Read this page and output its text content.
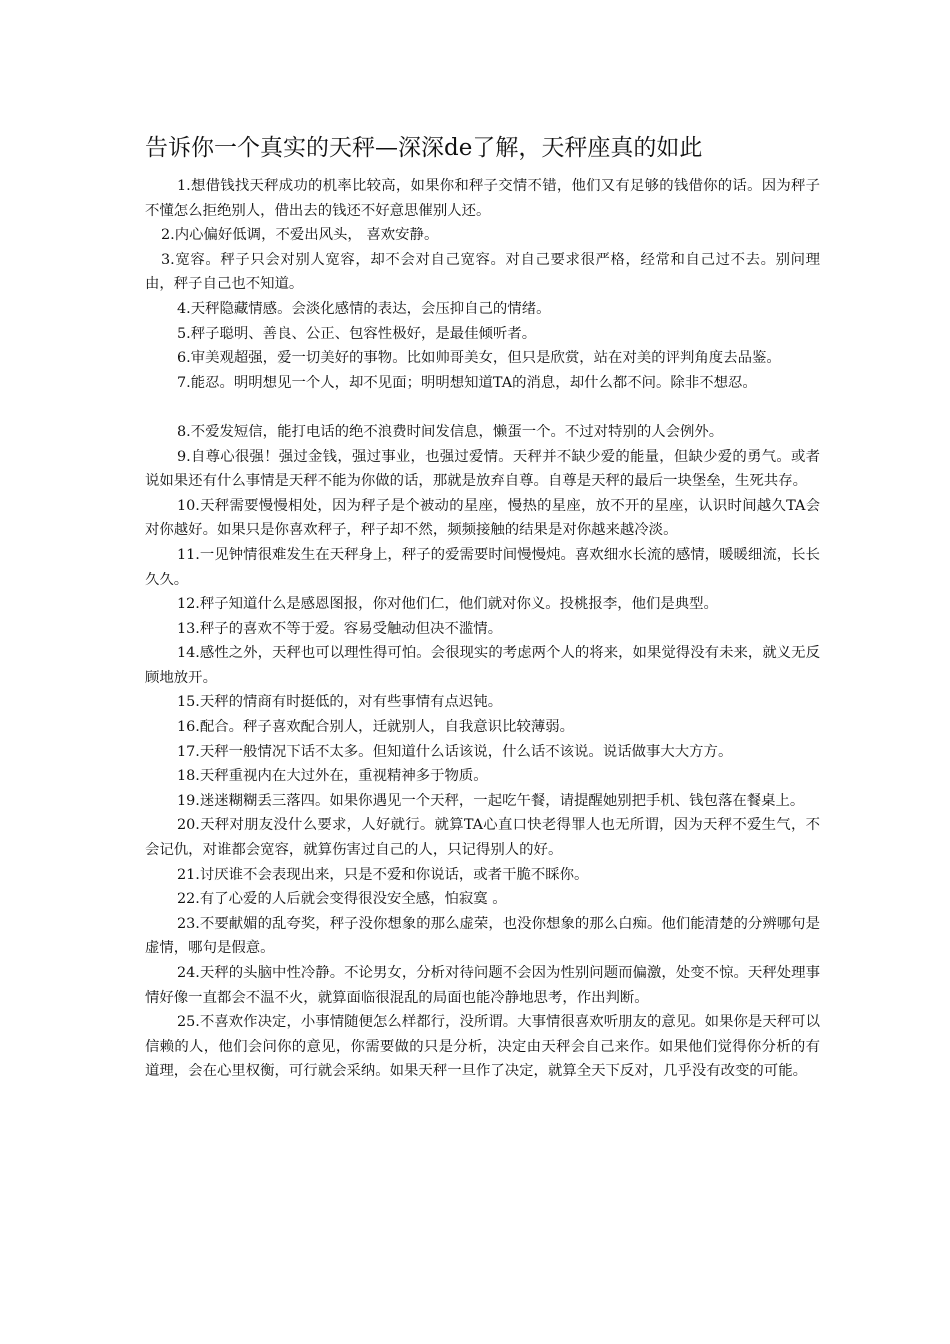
告诉你一个真实的天秤—深深de了解，天秤座真的如此

1.想借钱找天秤成功的机率比较高，如果你和秤子交情不错，他们又有足够的钱借你的话。因为秤子不懂怎么拒绝别人，借出去的钱还不好意思催别人还。

2.内心偏好低调，不爱出风头， 喜欢安静。

3.宽容。秤子只会对别人宽容，却不会对自己宽容。对自己要求很严格，经常和自己过不去。别问理由，秤子自己也不知道。

4.天秤隐藏情感。会淡化感情的表达，会压抑自己的情绪。

5.秤子聪明、善良、公正、包容性极好，是最佳倾听者。

6.审美观超强，爱一切美好的事物。比如帅哥美女，但只是欣赏，站在对美的评判角度去品鉴。

7.能忍。明明想见一个人，却不见面；明明想知道TA的消息，却什么都不问。除非不想忍。

8.不爱发短信，能打电话的绝不浪费时间发信息，懒蛋一个。不过对特别的人会例外。

9.自尊心很强！强过金钱，强过事业，也强过爱情。天秤并不缺少爱的能量，但缺少爱的勇气。或者说如果还有什么事情是天秤不能为你做的话，那就是放弃自尊。自尊是天秤的最后一块堡垒，生死共存。

10.天秤需要慢慢相处，因为秤子是个被动的星座，慢热的星座，放不开的星座，认识时间越久TA会对你越好。如果只是你喜欢秤子，秤子却不然，频频接触的结果是对你越来越冷淡。

11.一见钟情很难发生在天秤身上，秤子的爱需要时间慢慢炖。喜欢细水长流的感情，暖暖细流，长长久久。

12.秤子知道什么是感恩图报，你对他们仁，他们就对你义。投桃报李，他们是典型。

13.秤子的喜欢不等于爱。容易受触动但决不滥情。

14.感性之外，天秤也可以理性得可怕。会很现实的考虑两个人的将来，如果觉得没有未来，就义无反顾地放开。

15.天秤的情商有时挺低的，对有些事情有点迟钝。

16.配合。秤子喜欢配合别人，迁就别人，自我意识比较薄弱。

17.天秤一般情况下话不太多。但知道什么话该说，什么话不该说。说话做事大大方方。

18.天秤重视内在大过外在，重视精神多于物质。

19.迷迷糊糊丢三落四。如果你遇见一个天秤，一起吃午餐，请提醒她别把手机、钱包落在餐桌上。

20.天秤对朋友没什么要求，人好就行。就算TA心直口快老得罪人也无所谓，因为天秤不爱生气，不会记仇，对谁都会宽容，就算伤害过自己的人，只记得别人的好。

21.讨厌谁不会表现出来，只是不爱和你说话，或者干脆不睬你。

22.有了心爱的人后就会变得很没安全感，怕寂寞 。

23.不要献媚的乱夸奖，秤子没你想象的那么虚荣，也没你想象的那么白痴。他们能清楚的分辨哪句是虚情，哪句是假意。

24.天秤的头脑中性冷静。不论男女，分析对待问题不会因为性别问题而偏激，处变不惊。天秤处理事情好像一直都会不温不火，就算面临很混乱的局面也能冷静地思考，作出判断。

25.不喜欢作决定，小事情随便怎么样都行，没所谓。大事情很喜欢听朋友的意见。如果你是天秤可以信赖的人，他们会问你的意见，你需要做的只是分析，决定由天秤会自己来作。如果他们觉得你分析的有道理，会在心里权衡，可行就会采纳。如果天秤一旦作了决定，就算全天下反对，几乎没有改变的可能。
